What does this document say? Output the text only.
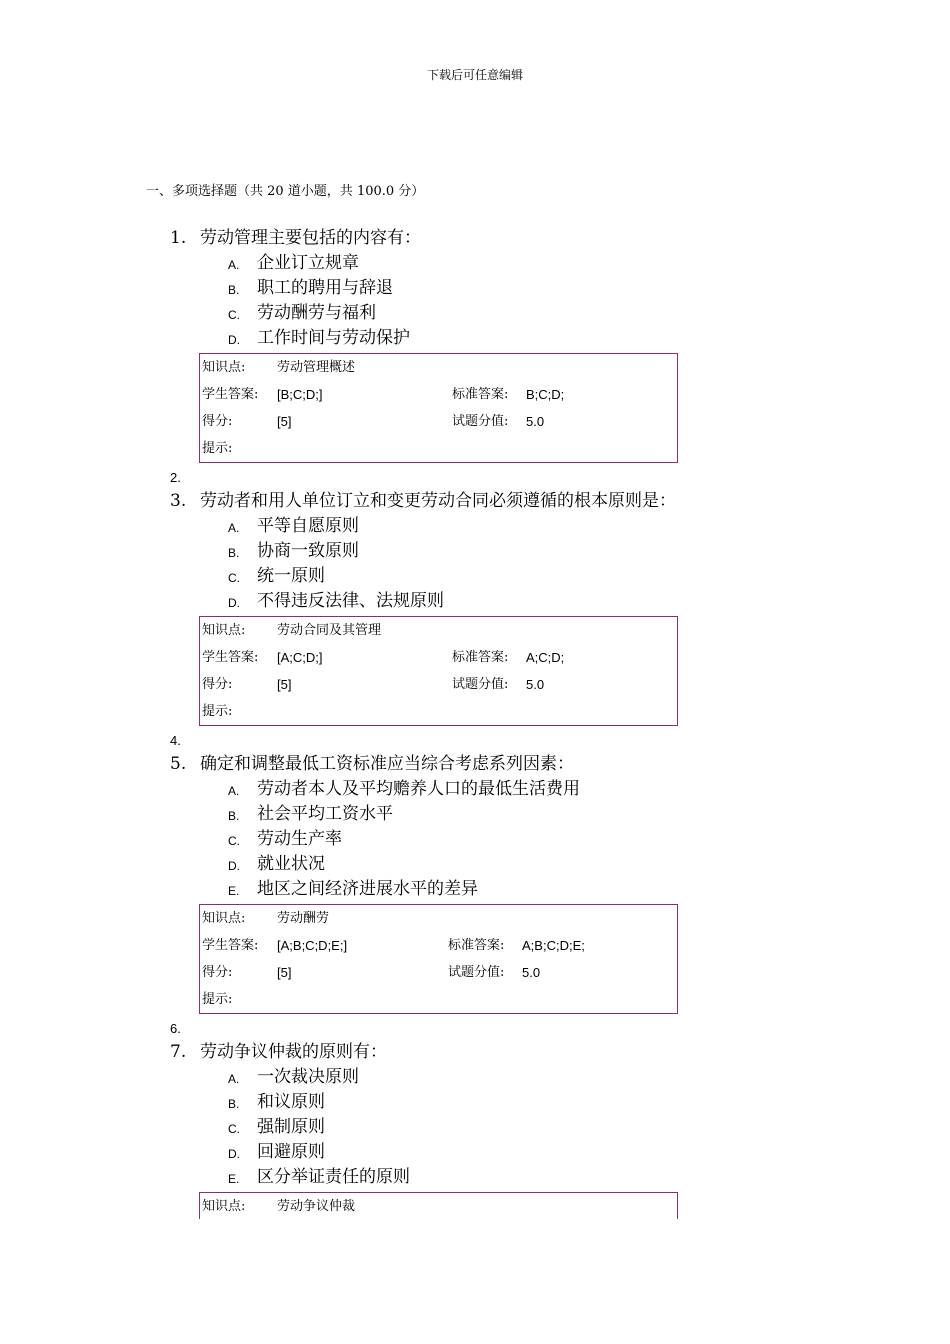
下载后可任意编辑
一、多项选择题（共 20 道小题，共 100.0 分）
1. 劳动管理主要包括的内容有：
A. 企业订立规章
B. 职工的聘用与辞退
C. 劳动酬劳与福利
D. 工作时间与劳动保护
知识点: 劳动管理概述
学生答案: [B;C;D;]	标准答案: B;C;D;
得分:	[5]	试题分值: 5.0
提示:
2.
3. 劳动者和用人单位订立和变更劳动合同必须遵循的根本原则是：
A. 平等自愿原则
B. 协商一致原则
C. 统一原则
D. 不得违反法律、法规原则
知识点: 劳动合同及其管理
学生答案: [A;C;D;]	标准答案: A;C;D;
得分:	[5]	试题分值: 5.0
提示:
4.
5. 确定和调整最低工资标准应当综合考虑系列因素：
A. 劳动者本人及平均赡养人口的最低生活费用
B. 社会平均工资水平
C. 劳动生产率
D. 就业状况
E. 地区之间经济进展水平的差异
知识点: 劳动酬劳
学生答案: [A;B;C;D;E;]	标准答案: A;B;C;D;E;
得分:	[5]	试题分值: 5.0
提示:
6.
7. 劳动争议仲裁的原则有：
A. 一次裁决原则
B. 和议原则
C. 强制原则
D. 回避原则
E. 区分举证责任的原则
知识点: 劳动争议仲裁
